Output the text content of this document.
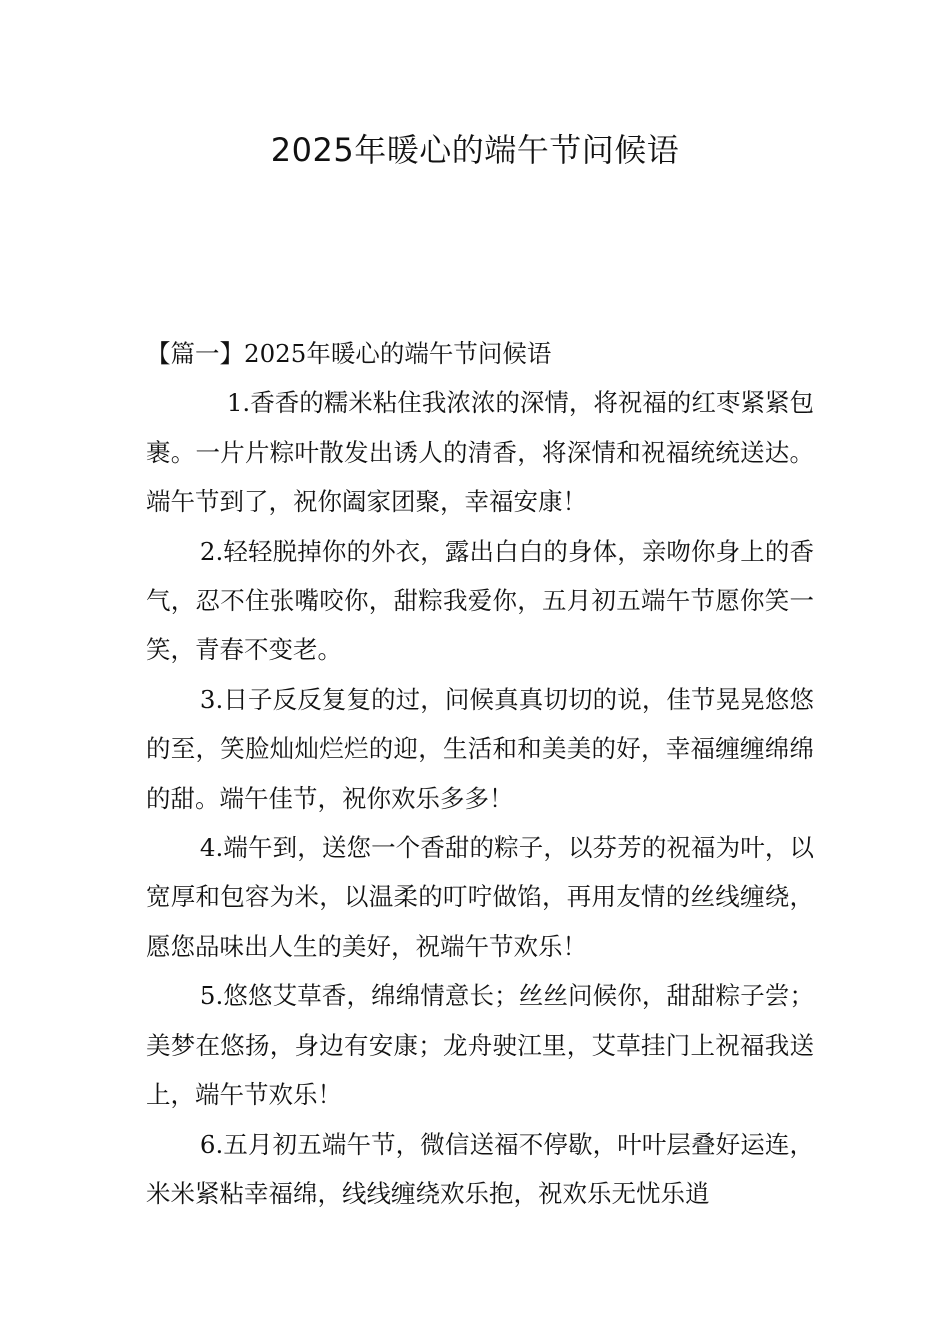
2025年暖心的端午节问候语

【篇一】2025年暖心的端午节问候语

1.香香的糯米粘住我浓浓的深情，将祝福的红枣紧紧包裹。一片片粽叶散发出诱人的清香，将深情和祝福统统送达。端午节到了，祝你阖家团聚，幸福安康！

2.轻轻脱掉你的外衣，露出白白的身体，亲吻你身上的香气，忍不住张嘴咬你，甜粽我爱你，五月初五端午节愿你笑一笑，青春不变老。

3.日子反反复复的过，问候真真切切的说，佳节晃晃悠悠的至，笑脸灿灿烂烂的迎，生活和和美美的好，幸福缠缠绵绵的甜。端午佳节，祝你欢乐多多！

4.端午到，送您一个香甜的粽子，以芬芳的祝福为叶，以宽厚和包容为米，以温柔的叮咛做馅，再用友情的丝线缠绕，愿您品味出人生的美好，祝端午节欢乐！

5.悠悠艾草香，绵绵情意长；丝丝问候你，甜甜粽子尝；美梦在悠扬，身边有安康；龙舟驶江里，艾草挂门上祝福我送上，端午节欢乐！

6.五月初五端午节，微信送福不停歇，叶叶层叠好运连，米米紧粘幸福绵，线线缠绕欢乐抱，祝欢乐无忧乐逍
